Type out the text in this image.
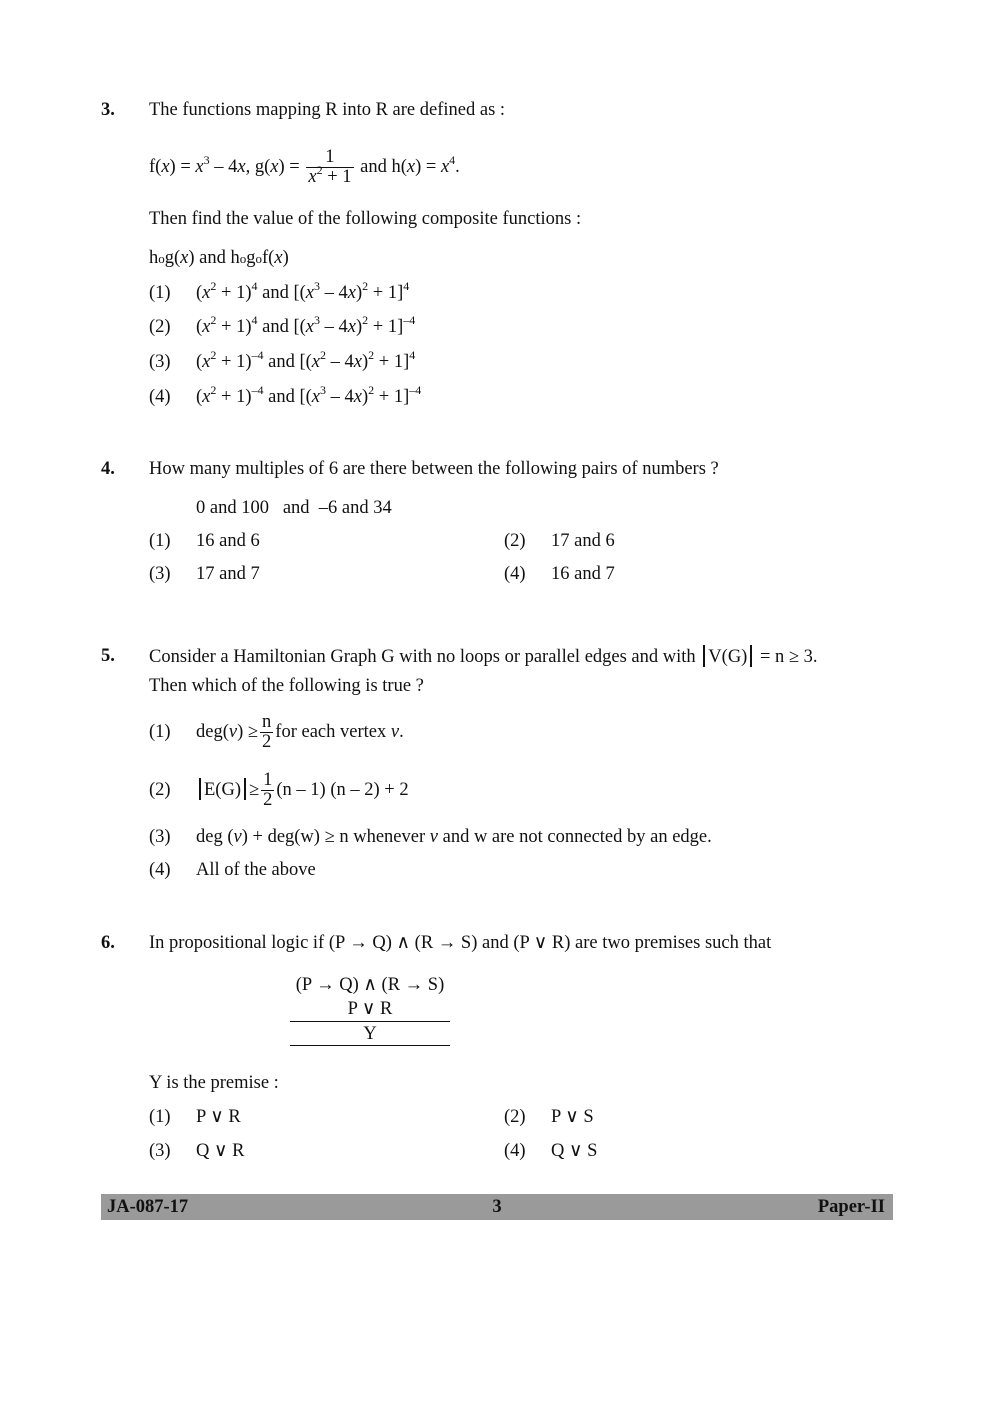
3. The functions mapping R into R are defined as :
$f(x) = x^3 - 4x$, $g(x) = \frac{1}{x^2 + 1}$ and $h(x) = x^4$.
Then find the value of the following composite functions :
hog(x) and hogof(x)
(1) $(x^2 + 1)^4$ and $[(x^3 - 4x)^2 + 1]^4$
(2) $(x^2 + 1)^4$ and $[(x^3 - 4x)^2 + 1]^{-4}$
(3) $(x^2 + 1)^{-4}$ and $[(x^2 - 4x)^2 + 1]^4$
(4) $(x^2 + 1)^{-4}$ and $[(x^3 - 4x)^2 + 1]^{-4}$
4. How many multiples of 6 are there between the following pairs of numbers ?
0 and 100   and  –6 and 34
(1) 16 and 6	(2) 17 and 6
(3) 17 and 7	(4) 16 and 7
5. Consider a Hamiltonian Graph G with no loops or parallel edges and with V(G) = n ≥ 3.
Then which of the following is true ?
(1) $deg(v) \ge \frac{n}{2}$ for each vertex v.
(2)	$E(G) \ge \frac{1}{2} (n - 1)$ (n – 2) + 2
(3) deg (v) + deg(w) ≥ n whenever v and w are not connected by an edge.
(4) All of the above
6. In propositional logic if (P → Q) ∧ (R → S) and (P ∨ R) are two premises such that
(P → Q) ∧ (R → S)
P ∨ R
Y
Y is the premise :
(1) P ∨ R	(2) P ∨ S
(3) Q ∨ R	(4) Q ∨ S
JA-087-17	3	Paper-II
